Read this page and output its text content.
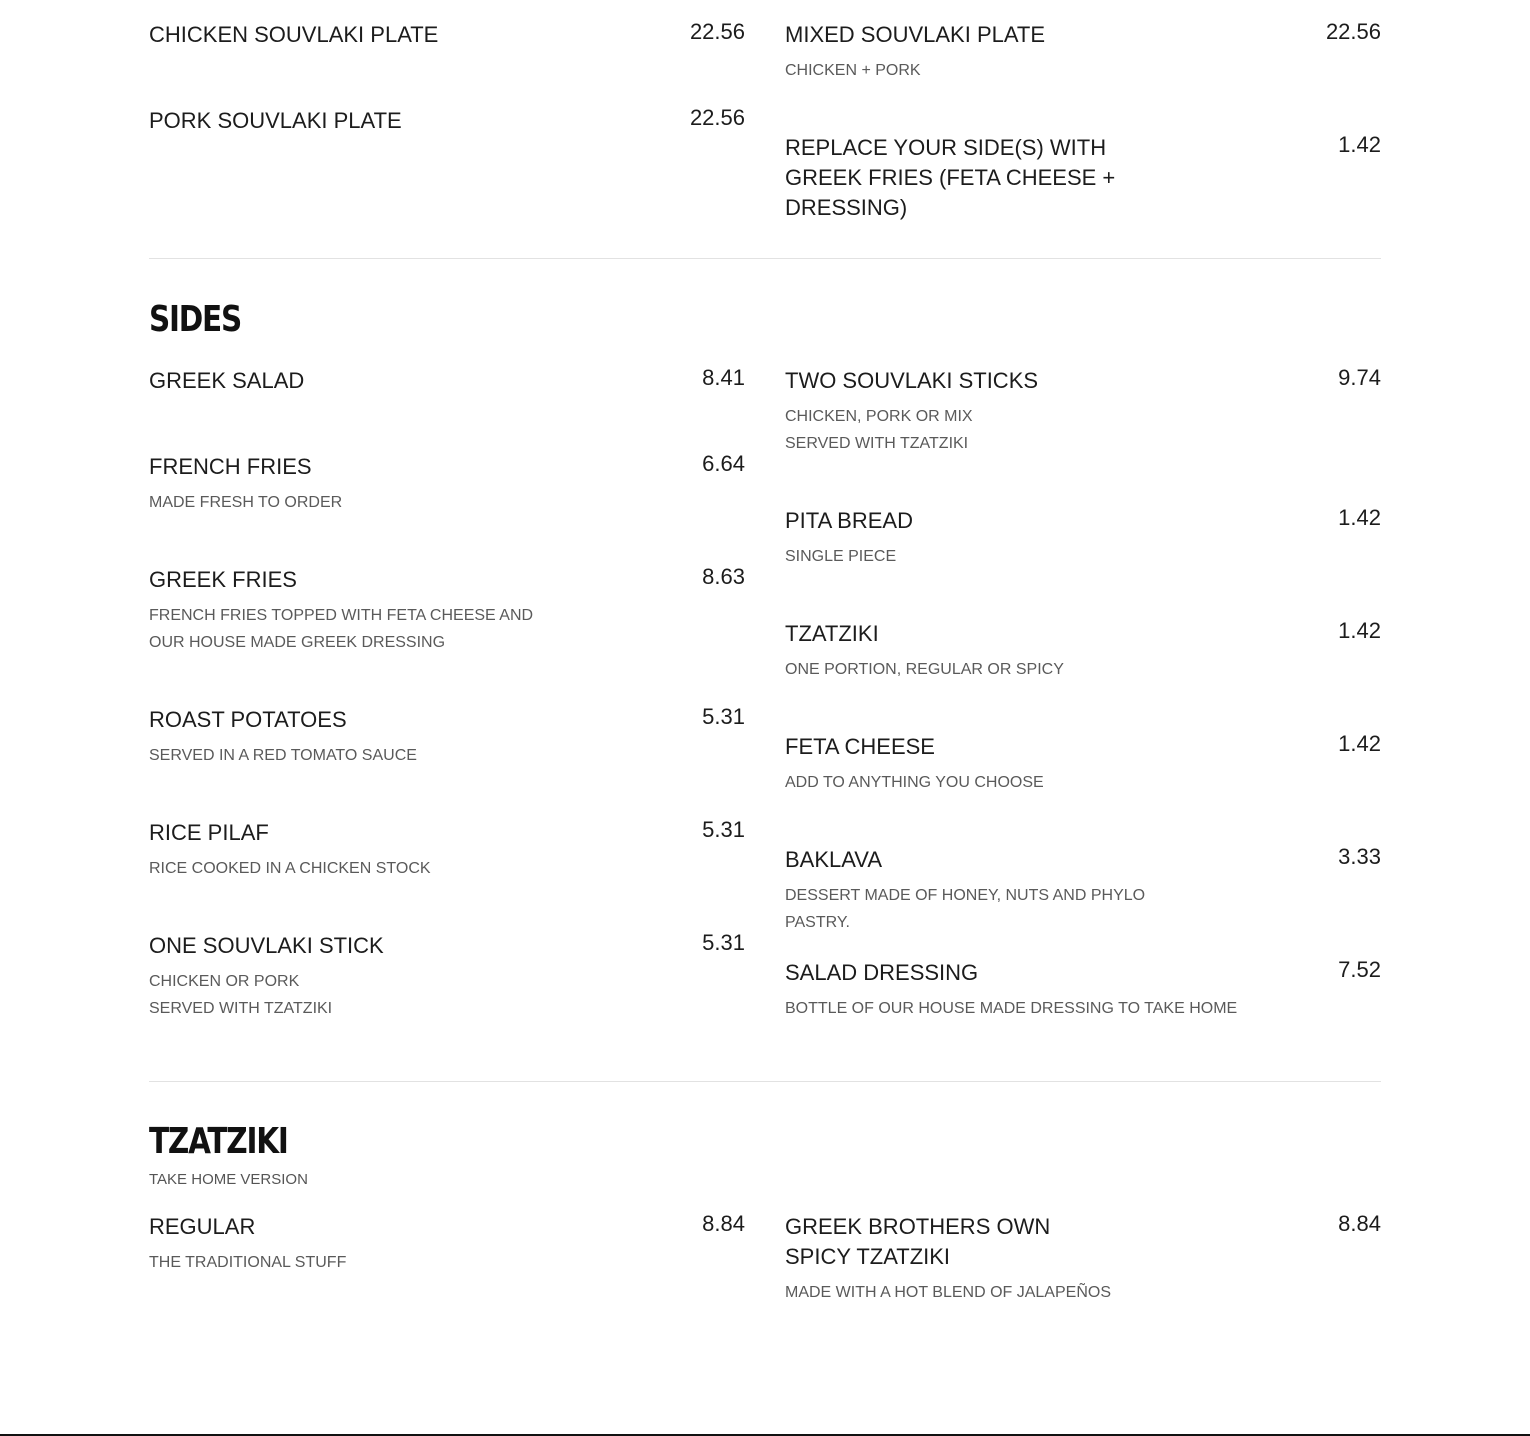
CHICKEN SOUVLAKI PLATE	22.56
PORK SOUVLAKI PLATE	22.56
MIXED SOUVLAKI PLATE	22.56
CHICKEN + PORK
REPLACE YOUR SIDE(S) WITH GREEK FRIES (FETA CHEESE + DRESSING)
1.42
SIDES
GREEK SALAD	8.41
FRENCH FRIES	6.64
MADE FRESH TO ORDER
GREEK FRIES	8.63
FRENCH FRIES TOPPED WITH FETA CHEESE AND OUR HOUSE MADE GREEK DRESSING
ROAST POTATOES	5.31
SERVED IN A RED TOMATO SAUCE
RICE PILAF	5.31
RICE COOKED IN A CHICKEN STOCK
ONE SOUVLAKI STICK	5.31
CHICKEN OR PORK
SERVED WITH TZATZIKI
TWO SOUVLAKI STICKS	9.74
CHICKEN, PORK OR MIX
SERVED WITH TZATZIKI
PITA BREAD	1.42
SINGLE PIECE
TZATZIKI	1.42
ONE PORTION, REGULAR OR SPICY
FETA CHEESE	1.42
ADD TO ANYTHING YOU CHOOSE
BAKLAVA	3.33
DESSERT MADE OF HONEY, NUTS AND PHYLO PASTRY.
SALAD DRESSING	7.52
BOTTLE OF OUR HOUSE MADE DRESSING TO TAKE HOME
TZATZIKI
TAKE HOME VERSION
REGULAR	8.84
THE TRADITIONAL STUFF
GREEK BROTHERS OWN SPICY TZATZIKI
8.84
MADE WITH A HOT BLEND OF JALAPEÑOS
